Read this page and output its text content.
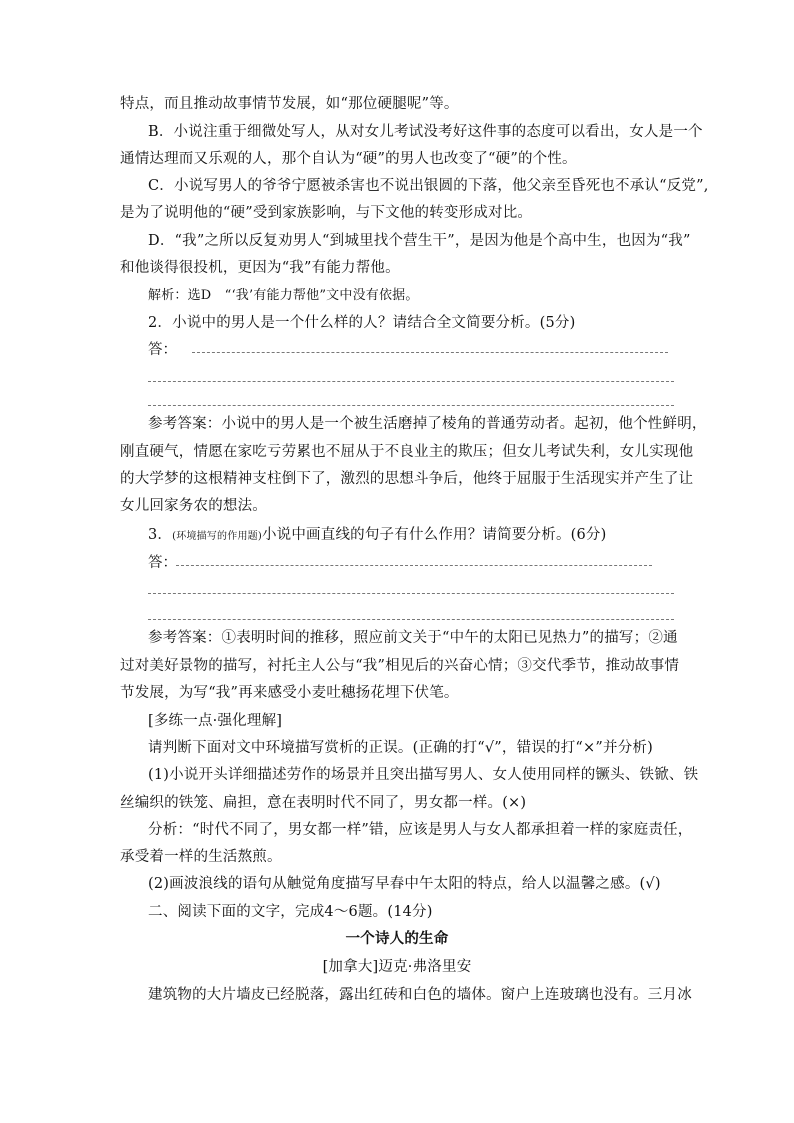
特点，而且推动故事情节发展，如“那位硬腿呢”等。
B．小说注重于细微处写人，从对女儿考试没考好这件事的态度可以看出，女人是一个
通情达理而又乐观的人，那个自认为“硬”的男人也改变了“硬”的个性。
C．小说写男人的爷爷宁愿被杀害也不说出银圆的下落，他父亲至昏死也不承认“反党”,
是为了说明他的“硬”受到家族影响，与下文他的转变形成对比。
D．“我”之所以反复劝男人“到城里找个营生干”，是因为他是个高中生，也因为“我”
和他谈得很投机，更因为“我”有能力帮他。
解析：选D　“‘我’有能力帮他”文中没有依据。
2．小说中的男人是一个什么样的人？请结合全文简要分析。(5分)
答：
参考答案：小说中的男人是一个被生活磨掉了棱角的普通劳动者。起初，他个性鲜明，
刚直硬气，情愿在家吃亏劳累也不屈从于不良业主的欺压；但女儿考试失利，女儿实现他
的大学梦的这根精神支柱倒下了，激烈的思想斗争后，他终于屈服于生活现实并产生了让
女儿回家务农的想法。
3．(环境描写的作用题)小说中画直线的句子有什么作用？请简要分析。(6分)
答：
参考答案：①表明时间的推移，照应前文关于“中午的太阳已见热力”的描写；②通
过对美好景物的描写，衬托主人公与“我”相见后的兴奋心情；③交代季节，推动故事情
节发展，为写“我”再来感受小麦吐穗扬花埋下伏笔。
[多练一点·强化理解]
请判断下面对文中环境描写赏析的正误。(正确的打“√”，错误的打“×”并分析)
(1)小说开头详细描述劳作的场景并且突出描写男人、女人使用同样的镢头、铁锨、铁
丝编织的铁笼、扁担，意在表明时代不同了，男女都一样。(×)
分析：“时代不同了，男女都一样”错，应该是男人与女人都承担着一样的家庭责任，
承受着一样的生活熬煎。
(2)画波浪线的语句从触觉角度描写早春中午太阳的特点，给人以温馨之感。(√)
二、阅读下面的文字，完成4～6题。(14分)
一个诗人的生命
[加拿大]迈克·弗洛里安
建筑物的大片墙皮已经脱落，露出红砖和白色的墙体。窗户上连玻璃也没有。三月冰
